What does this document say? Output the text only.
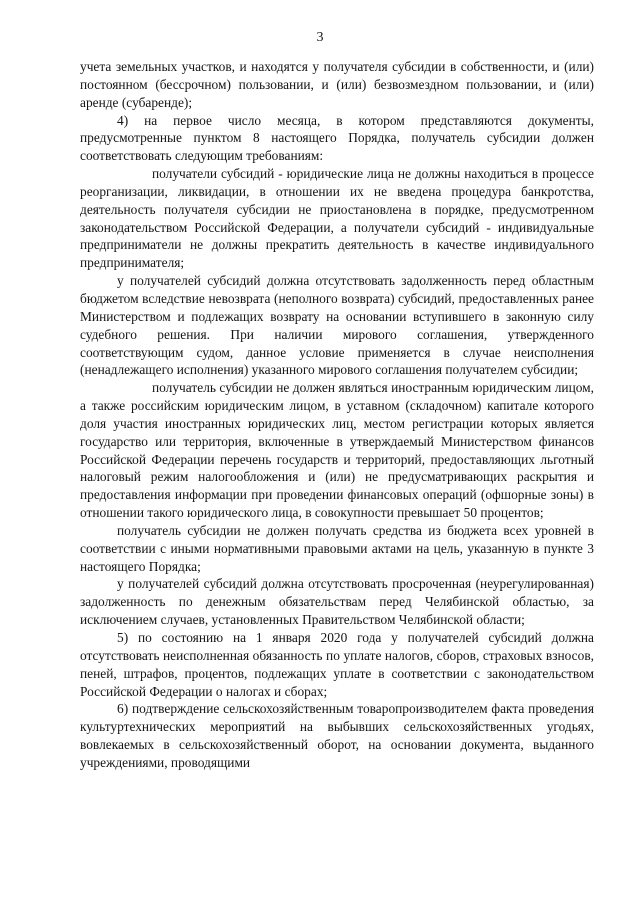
3

учета земельных участков, и находятся у получателя субсидии в собственности, и (или) постоянном (бессрочном) пользовании, и (или) безвозмездном пользовании, и (или) аренде (субаренде);

4) на первое число месяца, в котором представляются документы, предусмотренные пунктом 8 настоящего Порядка, получатель субсидии должен соответствовать следующим требованиям:

получатели субсидий - юридические лица не должны находиться в процессе реорганизации, ликвидации, в отношении их не введена процедура банкротства, деятельность получателя субсидии не приостановлена в порядке, предусмотренном законодательством Российской Федерации, а получатели субсидий - индивидуальные предприниматели не должны прекратить деятельность в качестве индивидуального предпринимателя;

у получателей субсидий должна отсутствовать задолженность перед областным бюджетом вследствие невозврата (неполного возврата) субсидий, предоставленных ранее Министерством и подлежащих возврату на основании вступившего в законную силу судебного решения. При наличии мирового соглашения, утвержденного соответствующим судом, данное условие применяется в случае неисполнения (ненадлежащего исполнения) указанного мирового соглашения получателем субсидии;

получатель субсидии не должен являться иностранным юридическим лицом, а также российским юридическим лицом, в уставном (складочном) капитале которого доля участия иностранных юридических лиц, местом регистрации которых является государство или территория, включенные в утверждаемый Министерством финансов Российской Федерации перечень государств и территорий, предоставляющих льготный налоговый режим налогообложения и (или) не предусматривающих раскрытия и предоставления информации при проведении финансовых операций (офшорные зоны) в отношении такого юридического лица, в совокупности превышает 50 процентов;

получатель субсидии не должен получать средства из бюджета всех уровней в соответствии с иными нормативными правовыми актами на цель, указанную в пункте 3 настоящего Порядка;

у получателей субсидий должна отсутствовать просроченная (неурегулированная) задолженность по денежным обязательствам перед Челябинской областью, за исключением случаев, установленных Правительством Челябинской области;

5) по состоянию на 1 января 2020 года у получателей субсидий должна отсутствовать неисполненная обязанность по уплате налогов, сборов, страховых взносов, пеней, штрафов, процентов, подлежащих уплате в соответствии с законодательством Российской Федерации о налогах и сборах;

6) подтверждение сельскохозяйственным товаропроизводителем факта проведения культуртехнических мероприятий на выбывших сельскохозяйственных угодьях, вовлекаемых в сельскохозяйственный оборот, на основании документа, выданного учреждениями, проводящими
